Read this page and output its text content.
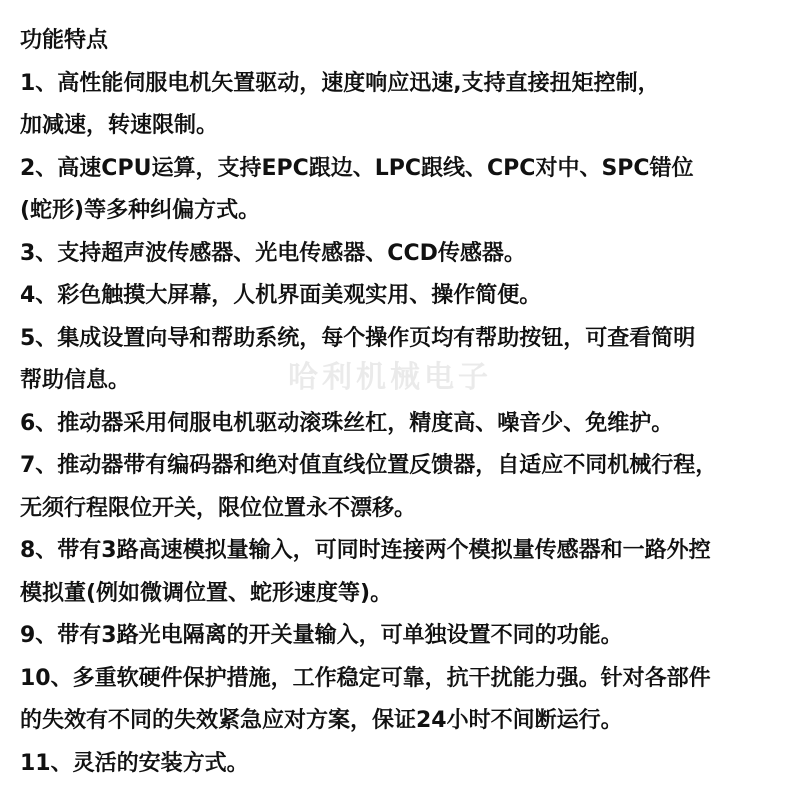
功能特点
1、高性能伺服电机矢置驱动，速度响应迅速,支持直接扭矩控制，
加减速，转速限制。
2、高速CPU运算，支持EPC跟边、LPC跟线、CPC对中、SPC错位
(蛇形)等多种纠偏方式。
3、支持超声波传感器、光电传感器、CCD传感器。
4、彩色触摸大屏幕，人机界面美观实用、操作简便。
5、集成设置向导和帮助系统，每个操作页均有帮助按钮，可查看简明
帮助信息。
6、推动器采用伺服电机驱动滚珠丝杠，精度高、噪音少、免维护。
7、推动器带有编码器和绝对值直线位置反馈器，自适应不同机械行程，
无须行程限位开关，限位位置永不漂移。
8、带有3路高速模拟量输入，可同时连接两个模拟量传感器和一路外控
模拟董(例如微调位置、蛇形速度等)。
9、带有3路光电隔离的开关量输入，可单独设置不同的功能。
10、多重软硬件保护措施，工作稳定可靠，抗干扰能力强。针对各部件
的失效有不同的失效紧急应对方案，保证24小时不间断运行。
11、灵活的安装方式。
哈利机械电子
